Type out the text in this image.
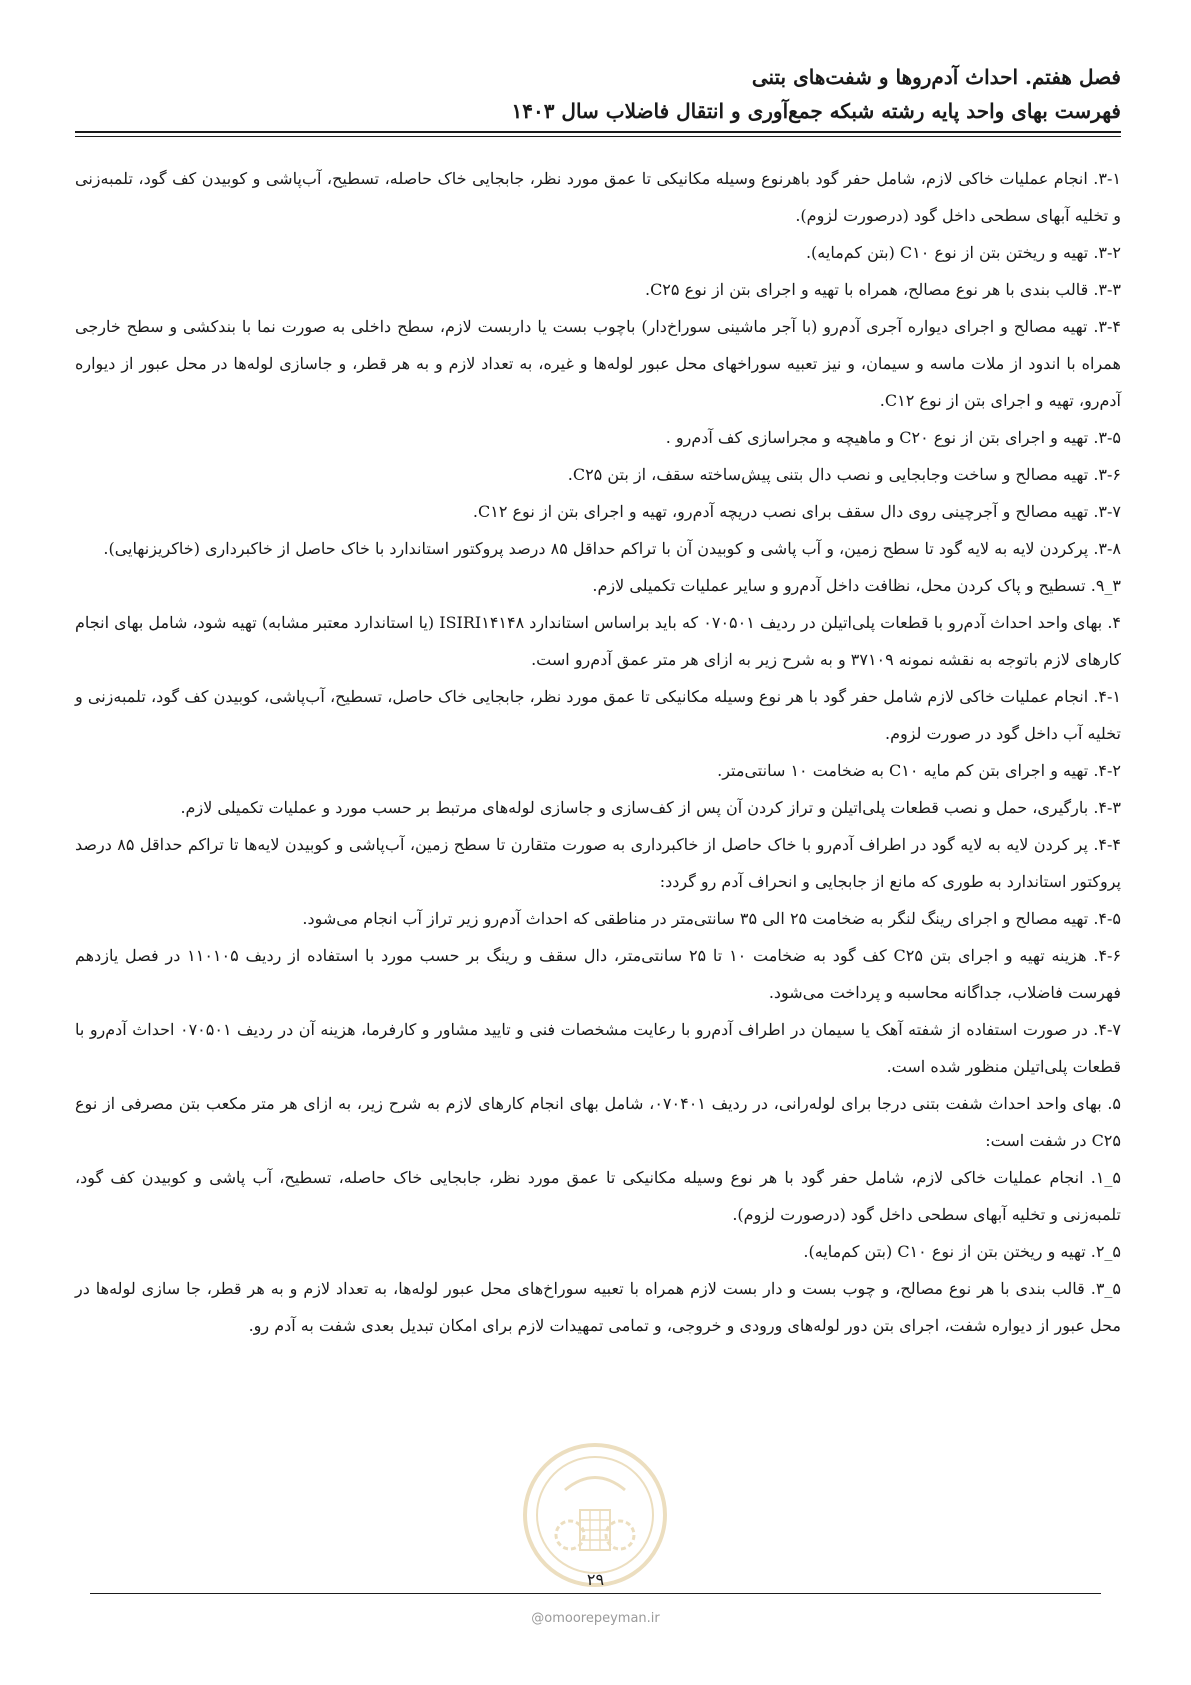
فصل هفتم. احداث آدم‌روها و شفت‌های بتنی
فهرست بهای واحد پایه رشته شبکه جمع‌آوری و انتقال فاضلاب سال ۱۴۰۳

۳-۱. انجام عملیات خاکی لازم، شامل حفر گود باهرنوع وسیله مکانیکی تا عمق مورد نظر، جابجایی خاک حاصله، تسطیح، آب‌پاشی و کوبیدن کف گود، تلمبه‌زنی و تخلیه آبهای سطحی داخل گود (درصورت لزوم).

۳-۲. تهیه و ریختن بتن از نوع C۱۰ (بتن کم‌مایه).

۳-۳. قالب بندی با هر نوع مصالح، همراه با تهیه و اجرای بتن از نوع C۲۵.

۳-۴. تهیه مصالح و اجرای دیواره آجری آدم‌رو (با آجر ماشینی سوراخ‌دار) باچوب بست یا داربست لازم، سطح داخلی به صورت نما با بندکشی و سطح خارجی همراه با اندود از ملات ماسه و سیمان، و نیز تعبیه سوراخهای محل عبور لوله‌ها و غیره، به تعداد لازم و به هر قطر، و جاسازی لوله‌ها در محل عبور از دیواره آدم‌رو، تهیه و اجرای بتن از نوع C۱۲.

۳-۵. تهیه و اجرای بتن از نوع C۲۰ و ماهیچه و مجراسازی کف آدم‌رو .

۳-۶. تهیه مصالح و ساخت وجابجایی و نصب دال بتنی پیش‌ساخته سقف، از بتن C۲۵.

۳-۷. تهیه مصالح و آجرچینی روی دال سقف برای نصب دریچه آدم‌رو، تهیه و اجرای بتن از نوع C۱۲.

۳-۸. پرکردن لایه به لایه گود تا سطح زمین، و آب پاشی و کوبیدن آن با تراکم حداقل ۸۵ درصد پروکتور استاندارد با خاک حاصل از خاکبرداری (خاکریزنهایی).

۳_۹. تسطیح و پاک کردن محل، نظافت داخل آدم‌رو و سایر عملیات تکمیلی لازم.

۴. بهای واحد احداث آدم‌رو با قطعات پلی‌اتیلن در ردیف ۰۷۰۵۰۱ که باید براساس استاندارد ISIRI۱۴۱۴۸ (یا استاندارد معتبر مشابه) تهیه شود، شامل بهای انجام کارهای لازم باتوجه به نقشه نمونه ۳۷۱۰۹ و به شرح زیر به ازای هر متر عمق آدم‌رو است.

۴-۱. انجام عملیات خاکی لازم شامل حفر گود با هر نوع وسیله مکانیکی تا عمق مورد نظر، جابجایی خاک حاصل، تسطیح، آب‌پاشی، کوبیدن کف گود، تلمبه‌زنی و تخلیه آب داخل گود در صورت لزوم.

۴-۲. تهیه و اجرای بتن کم مایه C۱۰ به ضخامت ۱۰ سانتی‌متر.

۴-۳. بارگیری، حمل و نصب قطعات پلی‌اتیلن و تراز کردن آن پس از کف‌سازی و جاسازی لوله‌های مرتبط بر حسب مورد و عملیات تکمیلی لازم.

۴-۴. پر کردن لایه به لایه گود در اطراف آدم‌رو با خاک حاصل از خاکبرداری به صورت متقارن تا سطح زمین، آب‌پاشی و کوبیدن لایه‌ها تا تراکم حداقل ۸۵ درصد پروکتور استاندارد به طوری که مانع از جابجایی و انحراف آدم رو گردد:

۴-۵. تهیه مصالح و اجرای رینگ لنگر به ضخامت ۲۵ الی ۳۵ سانتی‌متر در مناطقی که احداث آدم‌رو زیر تراز آب انجام می‌شود.

۴-۶. هزینه تهیه و اجرای بتن C۲۵ کف گود به ضخامت ۱۰ تا ۲۵ سانتی‌متر، دال سقف و رینگ بر حسب مورد با استفاده از ردیف ۱۱۰۱۰۵ در فصل یازدهم فهرست فاضلاب، جداگانه محاسبه و پرداخت می‌شود.

۴-۷. در صورت استفاده از شفته آهک یا سیمان در اطراف آدم‌رو با رعایت مشخصات فنی و تایید مشاور و کارفرما، هزینه آن در ردیف ۰۷۰۵۰۱ احداث آدم‌رو با قطعات پلی‌اتیلن منظور شده است.

۵. بهای واحد احداث شفت بتنی درجا برای لوله‌رانی، در ردیف ۰۷۰۴۰۱، شامل بهای انجام کارهای لازم به شرح زیر، به ازای هر متر مکعب بتن مصرفی از نوع C۲۵ در شفت است:

۵_۱. انجام عملیات خاکی لازم، شامل حفر گود با هر نوع وسیله مکانیکی تا عمق مورد نظر، جابجایی خاک حاصله، تسطیح، آب پاشی و کوبیدن کف گود، تلمبه‌زنی و تخلیه آبهای سطحی داخل گود (درصورت لزوم).

۵_۲. تهیه و ریختن بتن از نوع C۱۰ (بتن کم‌مایه).

۵_۳. قالب بندی با هر نوع مصالح، و چوب بست و دار بست لازم همراه با تعبیه سوراخ‌های محل عبور لوله‌ها، به تعداد لازم و به هر قطر، جا سازی لوله‌ها در محل عبور از دیواره شفت، اجرای بتن دور لوله‌های ورودی و خروجی، و تمامی تمهیدات لازم برای امکان تبدیل بعدی شفت به آدم رو.

۲۹
@omoorepeyman.ir
